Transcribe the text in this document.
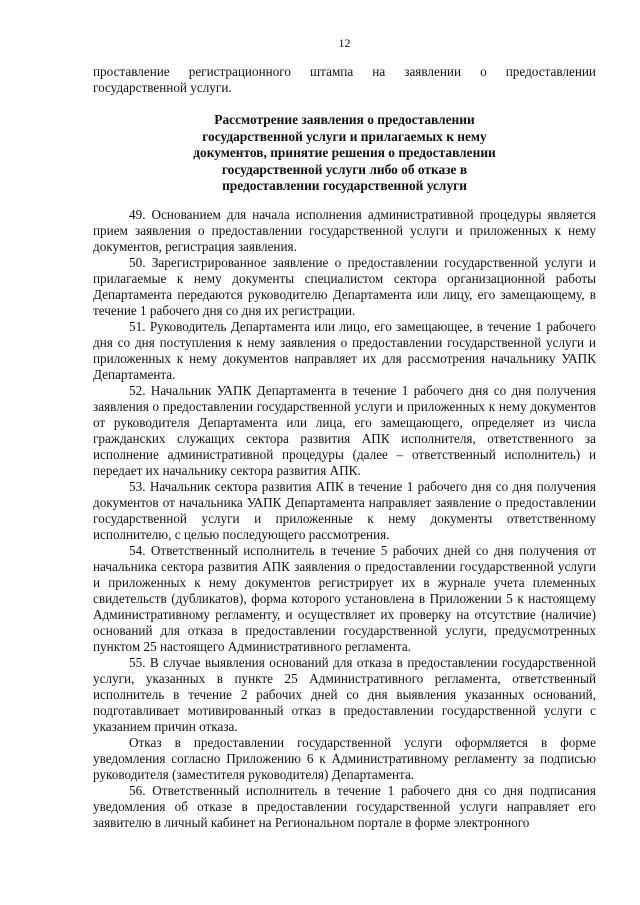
12

проставление регистрационного штампа на заявлении о предоставлении государственной услуги.

Рассмотрение заявления о предоставлении
государственной услуги и прилагаемых к нему
документов, принятие решения о предоставлении
государственной услуги либо об отказе в
предоставлении государственной услуги

49. Основанием для начала исполнения административной процедуры является прием заявления о предоставлении государственной услуги и приложенных к нему документов, регистрация заявления.

50. Зарегистрированное заявление о предоставлении государственной услуги и прилагаемые к нему документы специалистом сектора организационной работы Департамента передаются руководителю Департамента или лицу, его замещающему, в течение 1 рабочего дня со дня их регистрации.

51. Руководитель Департамента или лицо, его замещающее, в течение 1 рабочего дня со дня поступления к нему заявления о предоставлении государственной услуги и приложенных к нему документов направляет их для рассмотрения начальнику УАПК Департамента.

52. Начальник УАПК Департамента в течение 1 рабочего дня со дня получения заявления о предоставлении государственной услуги и приложенных к нему документов от руководителя Департамента или лица, его замещающего, определяет из числа гражданских служащих сектора развития АПК исполнителя, ответственного за исполнение административной процедуры (далее – ответственный исполнитель) и передает их начальнику сектора развития АПК.

53. Начальник сектора развития АПК в течение 1 рабочего дня со дня получения документов от начальника УАПК Департамента направляет заявление о предоставлении государственной услуги и приложенные к нему документы ответственному исполнителю, с целью последующего рассмотрения.

54. Ответственный исполнитель в течение 5 рабочих дней со дня получения от начальника сектора развития АПК заявления о предоставлении государственной услуги и приложенных к нему документов регистрирует их в журнале учета племенных свидетельств (дубликатов), форма которого установлена в Приложении 5 к настоящему Административному регламенту, и осуществляет их проверку на отсутствие (наличие) оснований для отказа в предоставлении государственной услуги, предусмотренных пунктом 25 настоящего Административного регламента.

55. В случае выявления оснований для отказа в предоставлении государственной услуги, указанных в пункте 25 Административного регламента, ответственный исполнитель в течение 2 рабочих дней со дня выявления указанных оснований, подготавливает мотивированный отказ в предоставлении государственной услуги с указанием причин отказа.

Отказ в предоставлении государственной услуги оформляется в форме уведомления согласно Приложению 6 к Административному регламенту за подписью руководителя (заместителя руководителя) Департамента.

56. Ответственный исполнитель в течение 1 рабочего дня со дня подписания уведомления об отказе в предоставлении государственной услуги направляет его заявителю в личный кабинет на Региональном портале в форме электронного
